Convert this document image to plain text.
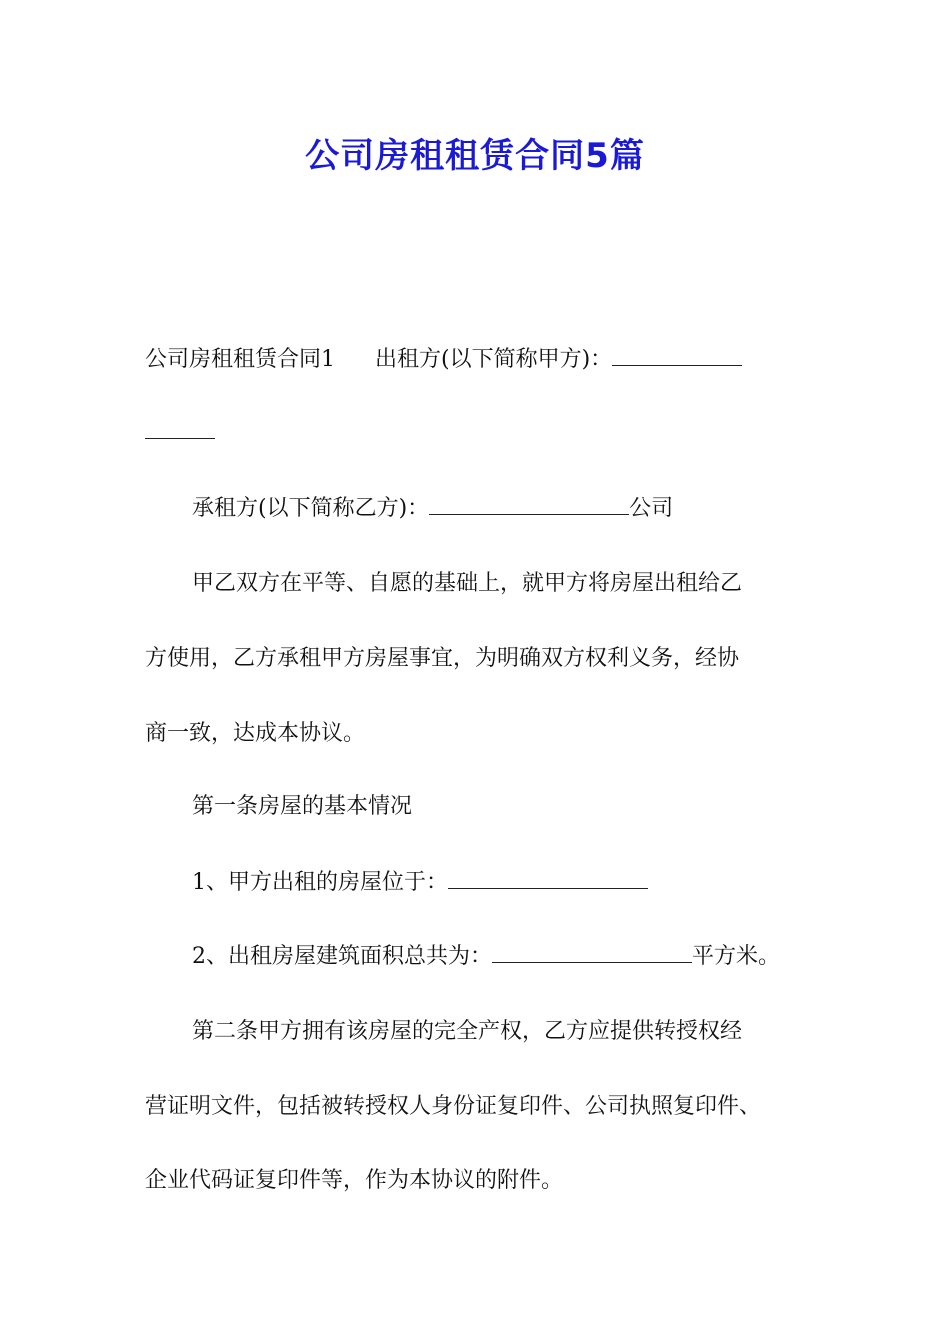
公司房租租赁合同5篇
公司房租租赁合同1 出租方(以下简称甲方)：
承租方(以下简称乙方)：	公司
甲乙双方在平等、自愿的基础上，就甲方将房屋出租给乙
方使用，乙方承租甲方房屋事宜，为明确双方权利义务，经协
商一致，达成本协议。
第一条房屋的基本情况
1、甲方出租的房屋位于：
2、出租房屋建筑面积总共为：	平方米。
第二条甲方拥有该房屋的完全产权，乙方应提供转授权经
营证明文件，包括被转授权人身份证复印件、公司执照复印件、
企业代码证复印件等，作为本协议的附件。
